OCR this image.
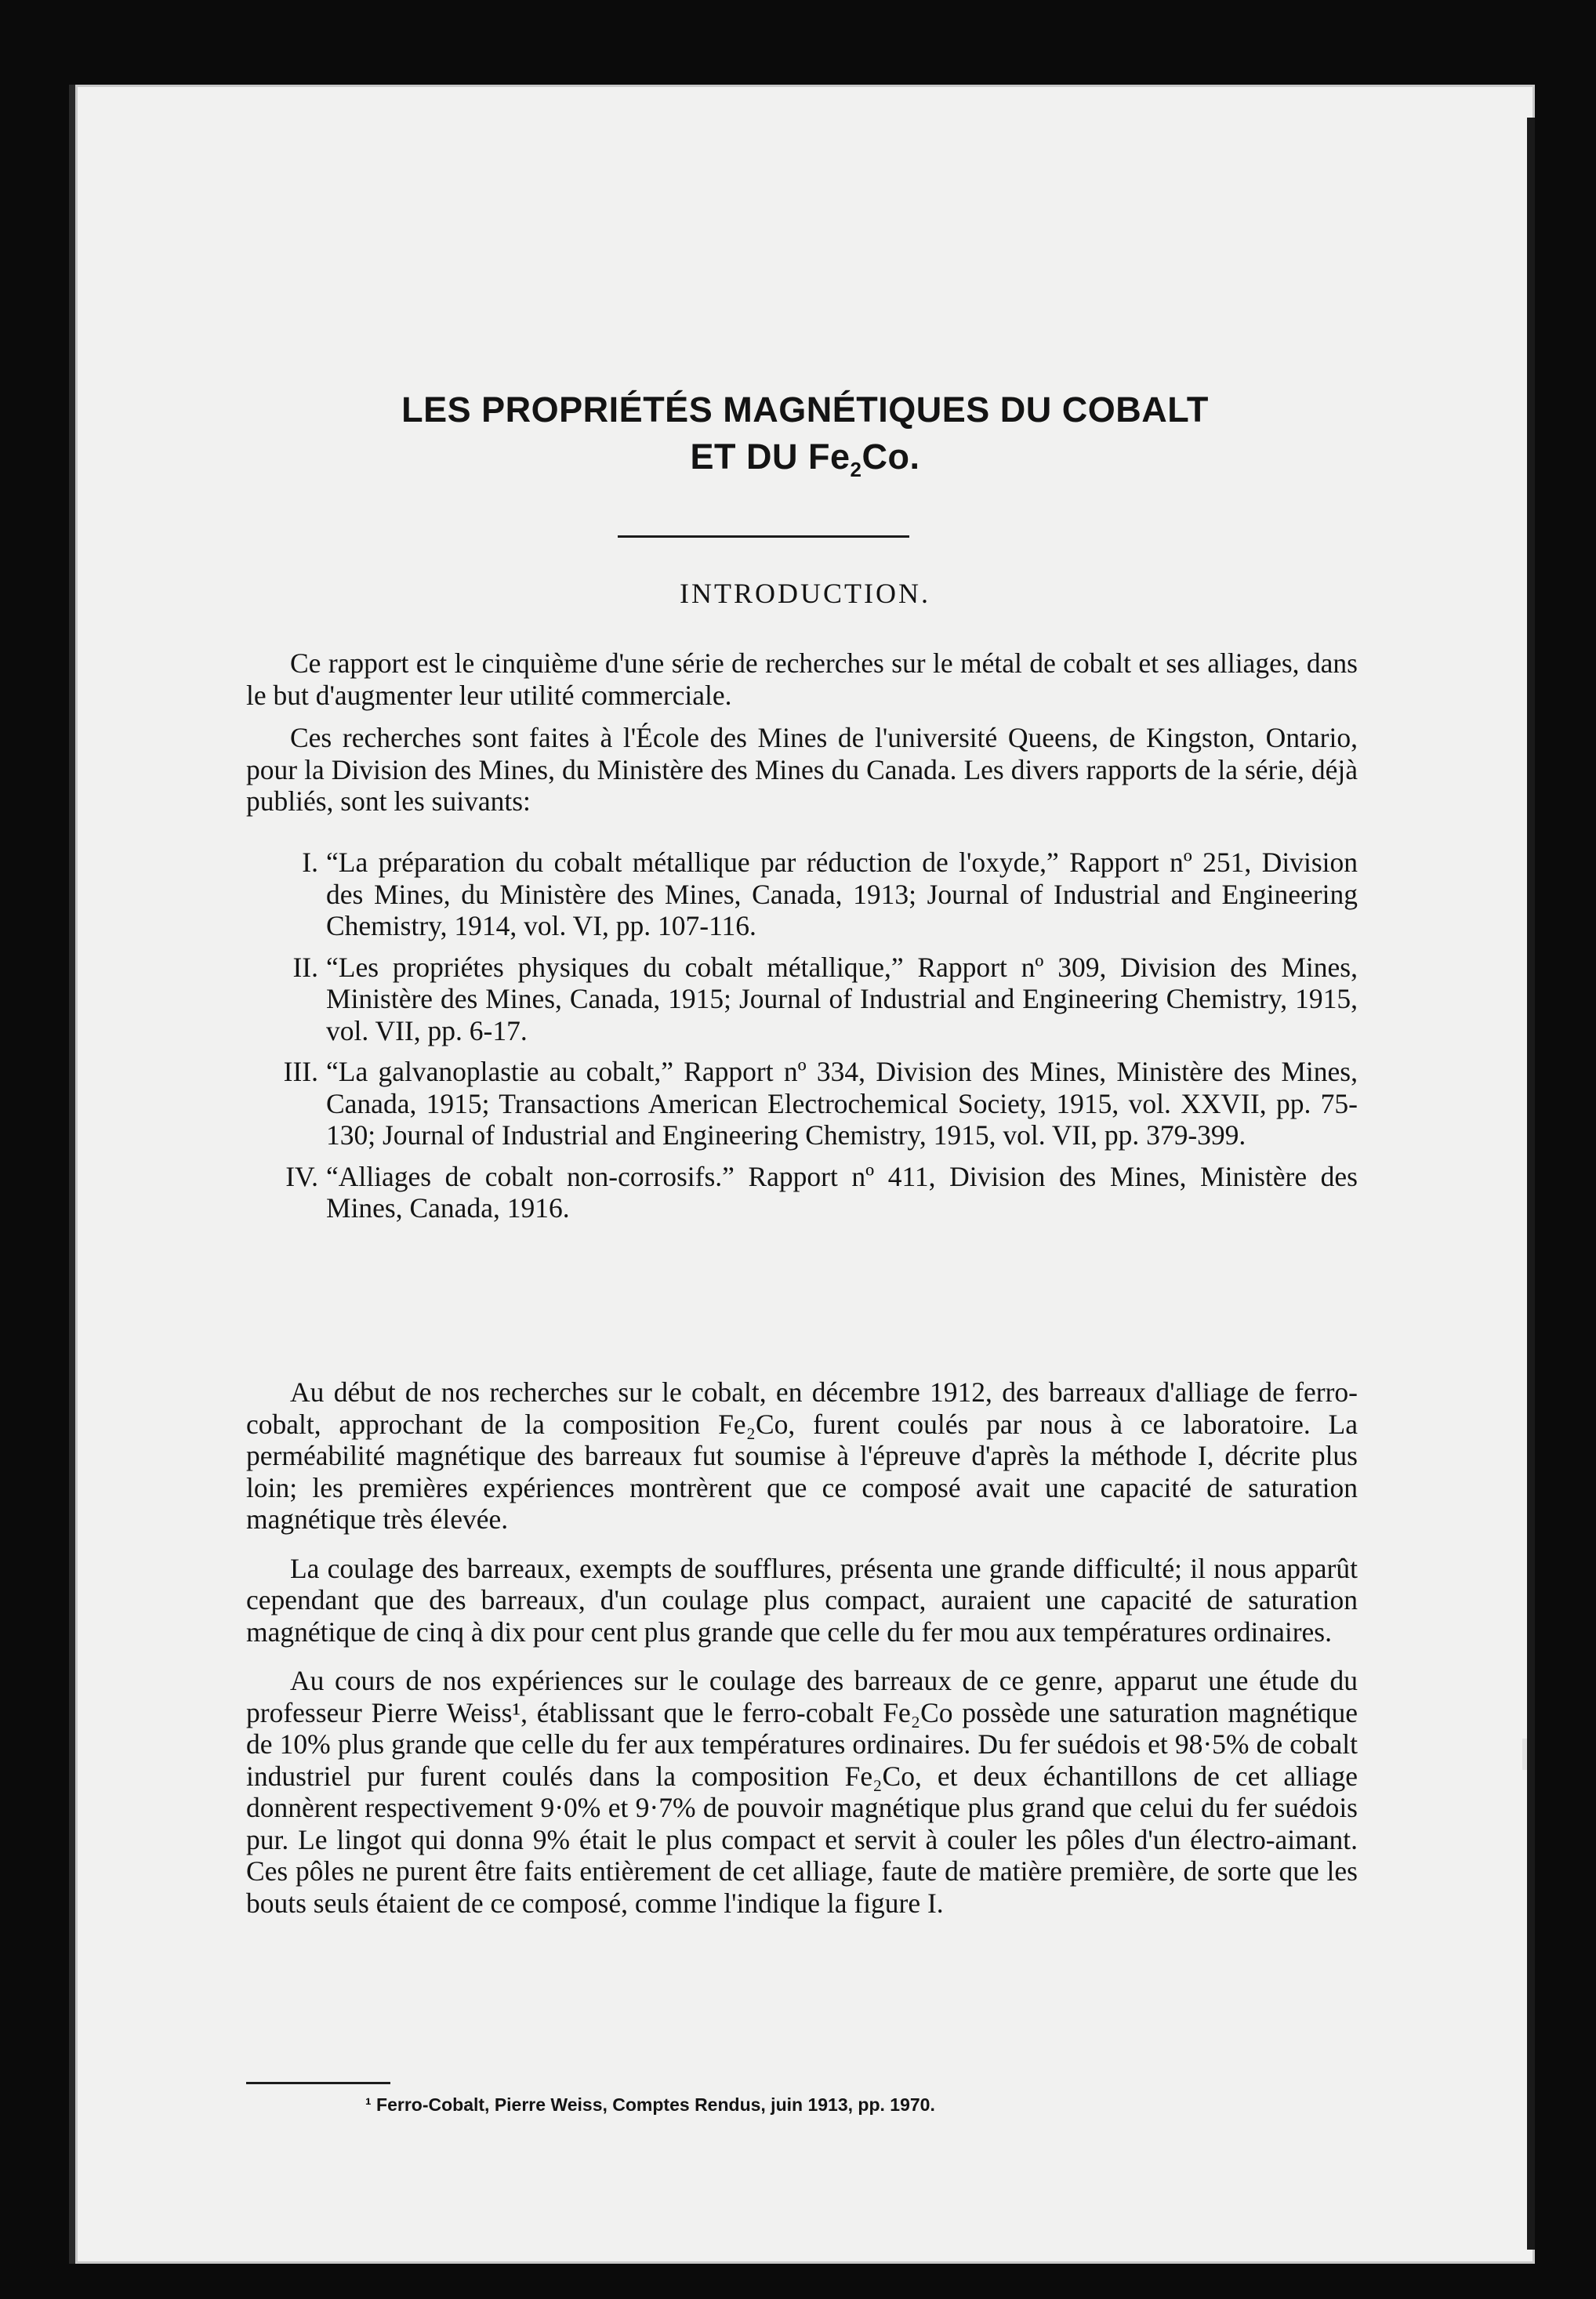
LES PROPRIÉTÉS MAGNÉTIQUES DU COBALT
ET DU $Fe_2Co$.
INTRODUCTION.

Ce rapport est le cinquième d'une série de recherches sur le métal de cobalt et ses alliages, dans le but d'augmenter leur utilité commerciale.

Ces recherches sont faites à l'École des Mines de l'université Queens, de Kingston, Ontario, pour la Division des Mines, du Ministère des Mines du Canada. Les divers rapports de la série, déjà publiés, sont les suivants:

I. “La préparation du cobalt métallique par réduction de l'oxyde,” Rapport nº 251, Division des Mines, du Ministère des Mines, Canada, 1913; Journal of Industrial and Engineering Chemistry, 1914, vol. VI, pp. 107-116.
II. “Les propriétes physiques du cobalt métallique,” Rapport nº 309, Division des Mines, Ministère des Mines, Canada, 1915; Journal of Industrial and Engineering Chemistry, 1915, vol. VII, pp. 6-17.
III. “La galvanoplastie au cobalt,” Rapport nº 334, Division des Mines, Ministère des Mines, Canada, 1915; Transactions American Electrochemical Society, 1915, vol. XXVII, pp. 75-130; Journal of Industrial and Engineering Chemistry, 1915, vol. VII, pp. 379-399.
IV. “Alliages de cobalt non-corrosifs.” Rapport nº 411, Division des Mines, Ministère des Mines, Canada, 1916.

Au début de nos recherches sur le cobalt, en décembre 1912, des barreaux d'alliage de ferro-cobalt, approchant de la composition Fe₂Co, furent coulés par nous à ce laboratoire. La perméabilité magnétique des barreaux fut soumise à l'épreuve d'après la méthode I, décrite plus loin; les premières expériences montrèrent que ce composé avait une capacité de saturation magnétique très élevée.

La coulage des barreaux, exempts de soufflures, présenta une grande difficulté; il nous apparût cependant que des barreaux, d'un coulage plus compact, auraient une capacité de saturation magnétique de cinq à dix pour cent plus grande que celle du fer mou aux températures ordinaires.

Au cours de nos expériences sur le coulage des barreaux de ce genre, apparut une étude du professeur Pierre Weiss¹, établissant que le ferro-cobalt Fe₂Co possède une saturation magnétique de 10% plus grande que celle du fer aux températures ordinaires. Du fer suédois et 98·5% de cobalt industriel pur furent coulés dans la composition Fe₂Co, et deux échantillons de cet alliage donnèrent respectivement 9·0% et 9·7% de pouvoir magnétique plus grand que celui du fer suédois pur. Le lingot qui donna 9% était le plus compact et servit à couler les pôles d'un électro-aimant. Ces pôles ne purent être faits entièrement de cet alliage, faute de matière première, de sorte que les bouts seuls étaient de ce composé, comme l'indique la figure I.

¹ Ferro-Cobalt, Pierre Weiss, Comptes Rendus, juin 1913, pp. 1970.
